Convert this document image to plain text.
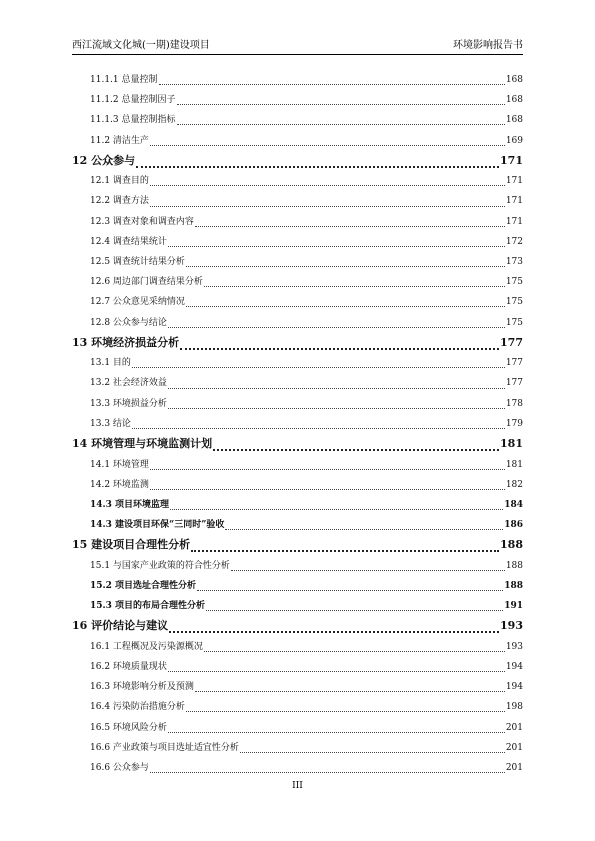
西江流域文化城(一期)建设项目	环境影响报告书
11.1.1 总量控制	168
11.1.2 总量控制因子	168
11.1.3 总量控制指标	168
11.2 清洁生产	169
12 公众参与	171
12.1 调查目的	171
12.2 调查方法	171
12.3 调查对象和调查内容	171
12.4 调查结果统计	172
12.5 调查统计结果分析	173
12.6 周边部门调查结果分析	175
12.7 公众意见采纳情况	175
12.8 公众参与结论	175
13 环境经济损益分析	177
13.1 目的	177
13.2 社会经济效益	177
13.3 环境损益分析	178
13.3 结论	179
14 环境管理与环境监测计划	181
14.1 环境管理	181
14.2 环境监测	182
14.3 项目环境监理	184
14.3 建设项目环保“三同时”验收	186
15 建设项目合理性分析	188
15.1 与国家产业政策的符合性分析	188
15.2 项目选址合理性分析	188
15.3 项目的布局合理性分析	191
16 评价结论与建议	193
16.1 工程概况及污染源概况	193
16.2 环境质量现状	194
16.3 环境影响分析及预测	194
16.4 污染防治措施分析	198
16.5 环境风险分析	201
16.6 产业政策与项目选址适宜性分析	201
16.6 公众参与	201
III
